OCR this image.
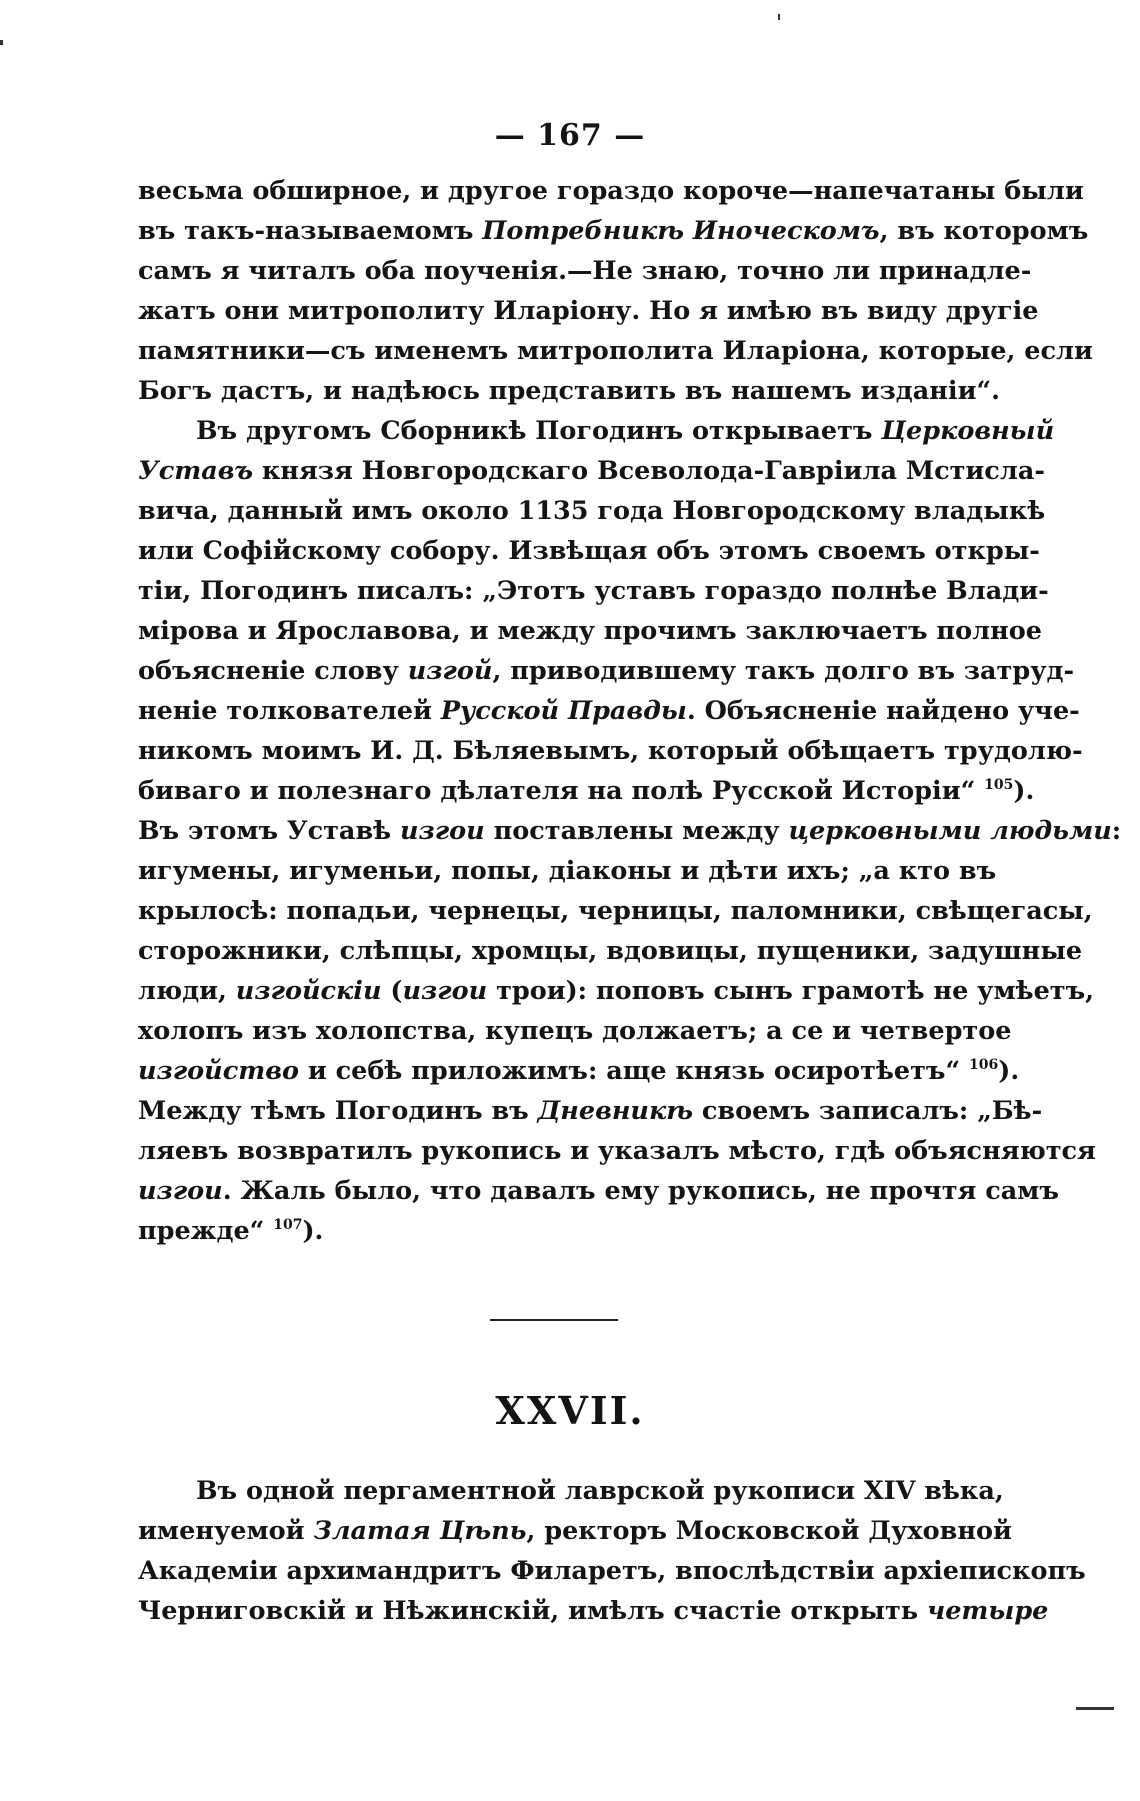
— 167 —
весьма обширное, и другое гораздо короче—напечатаны были
въ такъ-называемомъ Потребникѣ Иноческомъ, въ которомъ
самъ я читалъ оба поученія.—Не знаю, точно ли принадле-
жатъ они митрополиту Иларіону. Но я имѣю въ виду другіе
памятники—съ именемъ митрополита Иларіона, которые, если
Богъ дастъ, и надѣюсь представить въ нашемъ изданіи“.
Въ другомъ Сборникѣ Погодинъ открываетъ Церковный
Уставъ князя Новгородскаго Всеволода-Гавріила Мстисла-
вича, данный имъ около 1135 года Новгородскому владыкѣ
или Софійскому собору. Извѣщая объ этомъ своемъ откры-
тіи, Погодинъ писалъ: „Этотъ уставъ гораздо полнѣе Влади-
мірова и Ярославова, и между прочимъ заключаетъ полное
объясненіе слову изгой, приводившему такъ долго въ затруд-
неніе толкователей Русской Правды. Объясненіе найдено уче-
никомъ моимъ И. Д. Бѣляевымъ, который обѣщаетъ трудолю-
биваго и полезнаго дѣлателя на полѣ Русской Исторіи“ $^{105}$).
Въ этомъ Уставѣ изгои поставлены между церковными людьми:
игумены, игуменьи, попы, діаконы и дѣти ихъ; „а кто въ
крылосѣ: попадьи, чернецы, черницы, паломники, свѣщегасы,
сторожники, слѣпцы, хромцы, вдовицы, пущеники, задушные
люди, изгойскіи (изгои трои): поповъ сынъ грамотѣ не умѣетъ,
холопъ изъ холопства, купецъ должаетъ; а се и четвертое
изгойство и себѣ приложимъ: аще князь осиротѣетъ“ $^{106}$).
Между тѣмъ Погодинъ въ Дневникѣ своемъ записалъ: „Бѣ-
ляевъ возвратилъ рукопись и указалъ мѣсто, гдѣ объясняются
изгои. Жаль было, что давалъ ему рукопись, не прочтя самъ
прежде“ $^{107}$).
XXVII.
Въ одной пергаментной лаврской рукописи XIV вѣка,
именуемой Златая Цѣпь, ректоръ Московской Духовной
Академіи архимандритъ Филаретъ, впослѣдствіи архіепископъ
Черниговскій и Нѣжинскій, имѣлъ счастіе открыть четыре
